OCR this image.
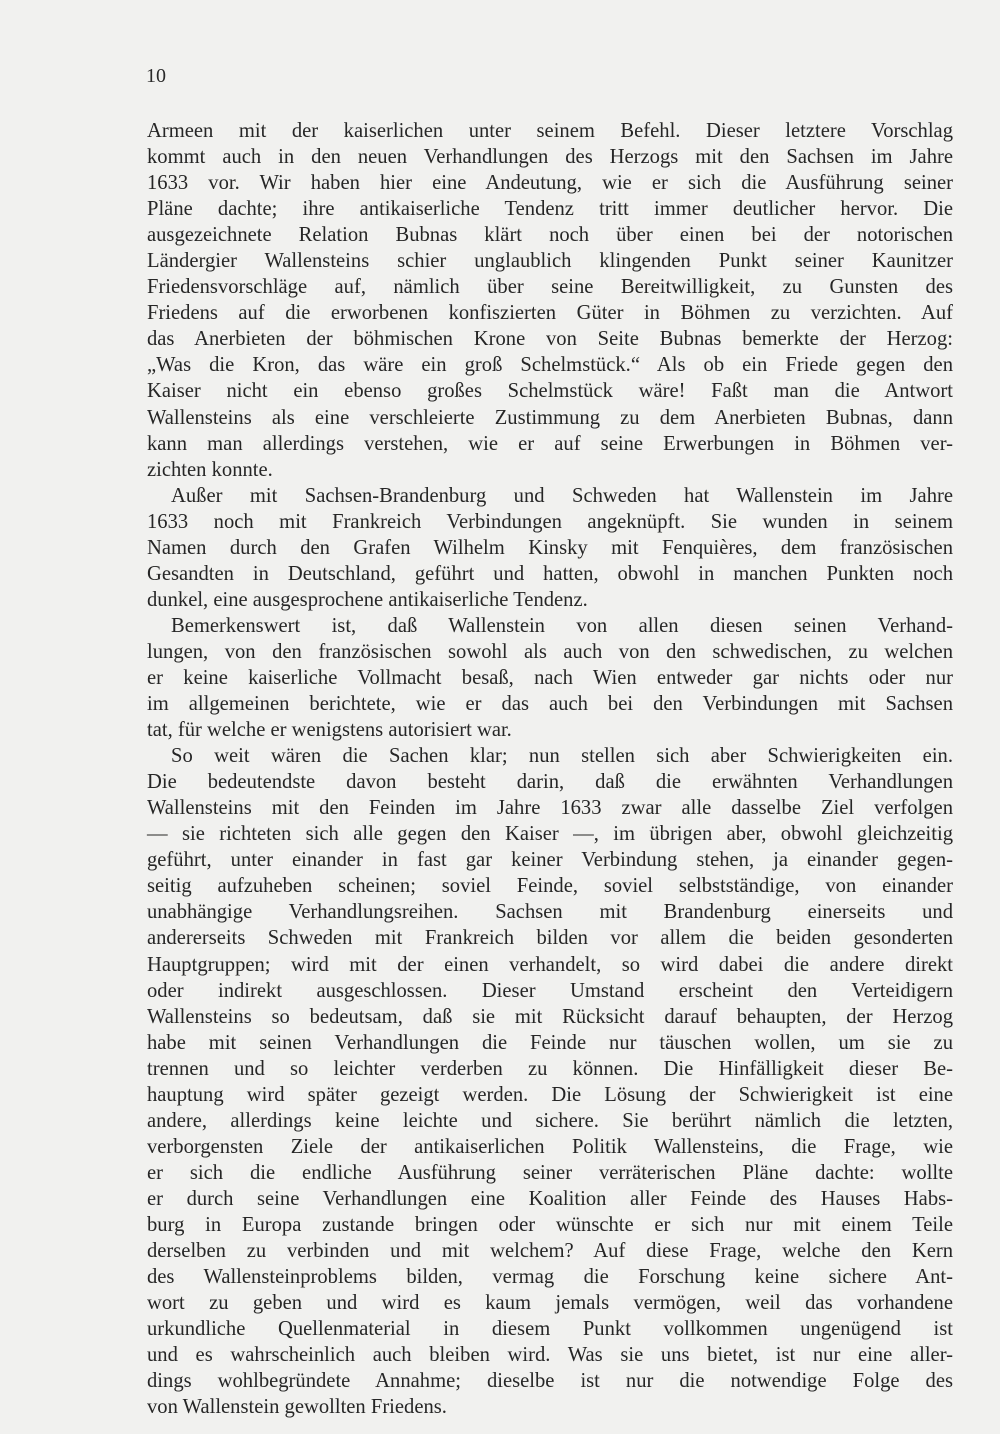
10
Armeen mit der kaiserlichen unter seinem Befehl. Dieser letztere Vorschlag
kommt auch in den neuen Verhandlungen des Herzogs mit den Sachsen im Jahre
1633 vor. Wir haben hier eine Andeutung, wie er sich die Ausführung seiner
Pläne dachte; ihre antikaiserliche Tendenz tritt immer deutlicher hervor. Die
ausgezeichnete Relation Bubnas klärt noch über einen bei der notorischen
Ländergier Wallensteins schier unglaublich klingenden Punkt seiner Kaunitzer
Friedensvorschläge auf, nämlich über seine Bereitwilligkeit, zu Gunsten des
Friedens auf die erworbenen konfiszierten Güter in Böhmen zu verzichten. Auf
das Anerbieten der böhmischen Krone von Seite Bubnas bemerkte der Herzog:
„Was die Kron, das wäre ein groß Schelmstück.“ Als ob ein Friede gegen den
Kaiser nicht ein ebenso großes Schelmstück wäre! Faßt man die Antwort
Wallensteins als eine verschleierte Zustimmung zu dem Anerbieten Bubnas, dann
kann man allerdings verstehen, wie er auf seine Erwerbungen in Böhmen ver-
zichten konnte.
Außer mit Sachsen-Brandenburg und Schweden hat Wallenstein im Jahre
1633 noch mit Frankreich Verbindungen angeknüpft. Sie wunden in seinem
Namen durch den Grafen Wilhelm Kinsky mit Fenquières, dem französischen
Gesandten in Deutschland, geführt und hatten, obwohl in manchen Punkten noch
dunkel, eine ausgesprochene antikaiserliche Tendenz.
Bemerkenswert ist, daß Wallenstein von allen diesen seinen Verhand-
lungen, von den französischen sowohl als auch von den schwedischen, zu welchen
er keine kaiserliche Vollmacht besaß, nach Wien entweder gar nichts oder nur
im allgemeinen berichtete, wie er das auch bei den Verbindungen mit Sachsen
tat, für welche er wenigstens autorisiert war.
So weit wären die Sachen klar; nun stellen sich aber Schwierigkeiten ein.
Die bedeutendste davon besteht darin, daß die erwähnten Verhandlungen
Wallensteins mit den Feinden im Jahre 1633 zwar alle dasselbe Ziel verfolgen
— sie richteten sich alle gegen den Kaiser —, im übrigen aber, obwohl gleichzeitig
geführt, unter einander in fast gar keiner Verbindung stehen, ja einander gegen-
seitig aufzuheben scheinen; soviel Feinde, soviel selbstständige, von einander
unabhängige Verhandlungsreihen. Sachsen mit Brandenburg einerseits und
andererseits Schweden mit Frankreich bilden vor allem die beiden gesonderten
Hauptgruppen; wird mit der einen verhandelt, so wird dabei die andere direkt
oder indirekt ausgeschlossen. Dieser Umstand erscheint den Verteidigern
Wallensteins so bedeutsam, daß sie mit Rücksicht darauf behaupten, der Herzog
habe mit seinen Verhandlungen die Feinde nur täuschen wollen, um sie zu
trennen und so leichter verderben zu können. Die Hinfälligkeit dieser Be-
hauptung wird später gezeigt werden. Die Lösung der Schwierigkeit ist eine
andere, allerdings keine leichte und sichere. Sie berührt nämlich die letzten,
verborgensten Ziele der antikaiserlichen Politik Wallensteins, die Frage, wie
er sich die endliche Ausführung seiner verräterischen Pläne dachte: wollte
er durch seine Verhandlungen eine Koalition aller Feinde des Hauses Habs-
burg in Europa zustande bringen oder wünschte er sich nur mit einem Teile
derselben zu verbinden und mit welchem? Auf diese Frage, welche den Kern
des Wallensteinproblems bilden, vermag die Forschung keine sichere Ant-
wort zu geben und wird es kaum jemals vermögen, weil das vorhandene
urkundliche Quellenmaterial in diesem Punkt vollkommen ungenügend ist
und es wahrscheinlich auch bleiben wird. Was sie uns bietet, ist nur eine aller-
dings wohlbegründete Annahme; dieselbe ist nur die notwendige Folge des
von Wallenstein gewollten Friedens.
